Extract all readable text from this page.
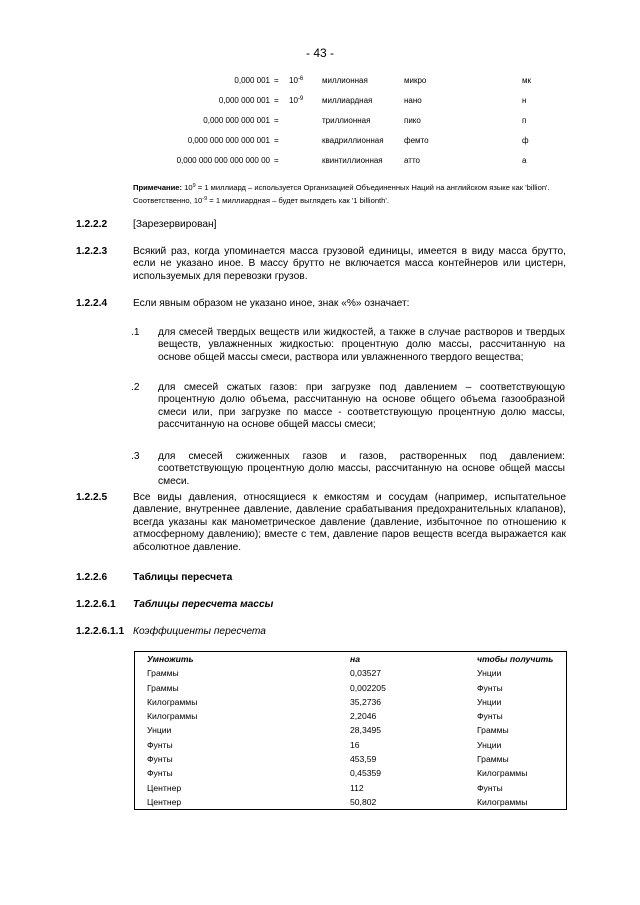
- 43 -
0,000 $001 = 10^{-6}$ миллионная	микро	мк
0,000 000 $001 = 10^{-9}$ миллиардная	нано	н
0,000 000 000 001 =	триллионная	пико	п
0,000 000 000 000 001 =	квадриллионная	фемто	ф
0,000 000 000 000 000 00 =	квинтиллионная	атто	а
Примечание: $10^9 = 1$ миллиард – используется Организацией Объединенных Наций на английском языке как 'billion'.
Соответственно, $10^{-9} = 1$ миллиардная – будет выглядеть как '1 billionth'.
1.2.2.2	[Зарезервирован]
1.2.2.3	Всякий раз, когда упоминается масса грузовой единицы, имеется в виду масса брутто, если не указано иное. В массу брутто не включается масса контейнеров или цистерн, используемых для перевозки грузов.
1.2.2.4	Если явным образом не указано иное, знак «%» означает:
.1 для смесей твердых веществ или жидкостей, а также в случае растворов и твердых веществ, увлажненных жидкостью: процентную долю массы, рассчитанную на основе общей массы смеси, раствора или увлажненного твердого вещества;
.2 для смесей сжатых газов: при загрузке под давлением – соответствующую процентную долю объема, рассчитанную на основе общего объема газообразной смеси или, при загрузке по массе - соответствующую процентную долю массы, рассчитанную на основе общей массы смеси;
.3 для смесей сжиженных газов и газов, растворенных под давлением: соответствующую процентную долю массы, рассчитанную на основе общей массы смеси.
1.2.2.5	Все виды давления, относящиеся к емкостям и сосудам (например, испытательное давление, внутреннее давление, давление срабатывания предохранительных клапанов), всегда указаны как манометрическое давление (давление, избыточное по отношению к атмосферному давлению); вместе с тем, давление паров веществ всегда выражается как абсолютное давление.
1.2.2.6	Таблицы пересчета
1.2.2.6.1 Таблицы пересчета массы
1.2.2.6.1.1 Коэффициенты пересчета
Умножить	на	чтобы получить
Граммы	0,03527	Унции
Граммы	0,002205	Фунты
Килограммы	35,2736	Унции
Килограммы	2,2046	Фунты
Унции	28,3495	Граммы
Фунты	16	Унции
Фунты	453,59	Граммы
Фунты	0,45359	Килограммы
Центнер	112	Фунты
Центнер	50,802	Килограммы
